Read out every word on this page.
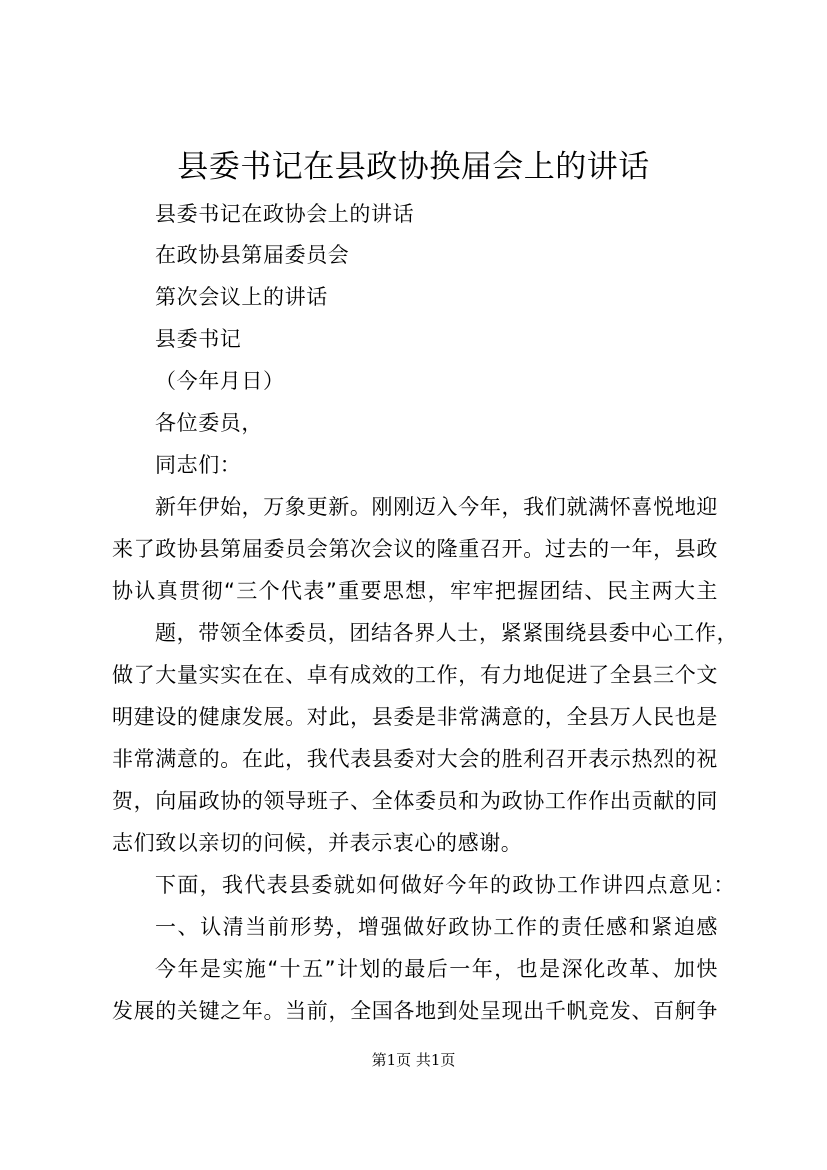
县委书记在县政协换届会上的讲话
县委书记在政协会上的讲话
在政协县第届委员会
第次会议上的讲话
县委书记
（今年月日）
各位委员，
同志们：
新年伊始，万象更新。刚刚迈入今年，我们就满怀喜悦地迎
来了政协县第届委员会第次会议的隆重召开。过去的一年，县政
协认真贯彻“三个代表”重要思想，牢牢把握团结、民主两大主
题，带领全体委员，团结各界人士，紧紧围绕县委中心工作，
做了大量实实在在、卓有成效的工作，有力地促进了全县三个文
明建设的健康发展。对此，县委是非常满意的，全县万人民也是
非常满意的。在此，我代表县委对大会的胜利召开表示热烈的祝
贺，向届政协的领导班子、全体委员和为政协工作作出贡献的同
志们致以亲切的问候，并表示衷心的感谢。
下面，我代表县委就如何做好今年的政协工作讲四点意见：
一、认清当前形势，增强做好政协工作的责任感和紧迫感
今年是实施“十五”计划的最后一年，也是深化改革、加快
发展的关键之年。当前，全国各地到处呈现出千帆竞发、百舸争
第1页 共1页
